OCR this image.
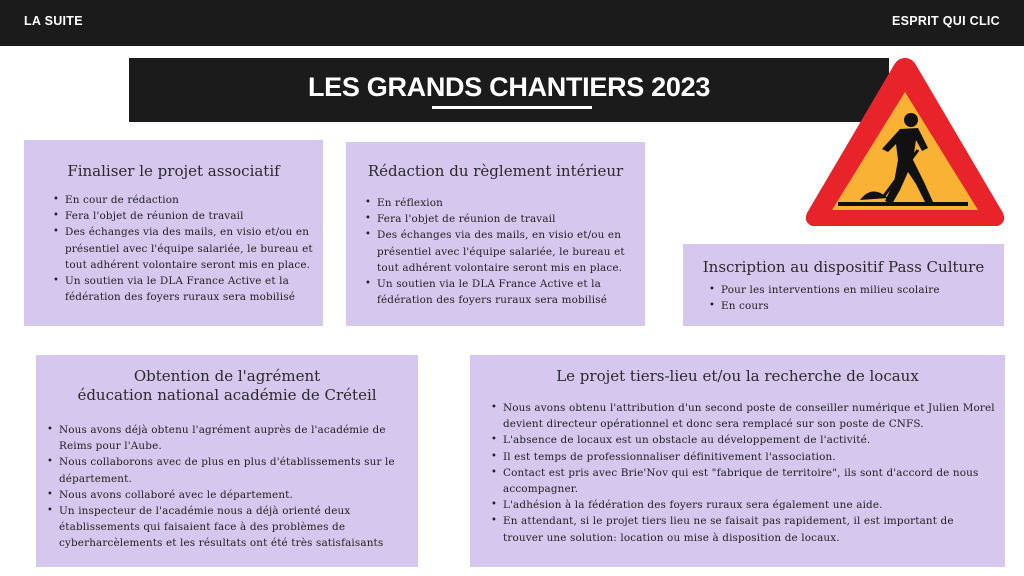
LA SUITE	ESPRIT QUI CLIC
LES GRANDS CHANTIERS 2023
Finaliser le projet associatif
• En cour de rédaction
• Fera l'objet de réunion de travail
• Des échanges via des mails, en visio et/ou en présentiel avec l'équipe salariée, le bureau et tout adhérent volontaire seront mis en place.
• Un soutien via le DLA France Active et la fédération des foyers ruraux sera mobilisé
Rédaction du règlement intérieur
• En réflexion
• Fera l'objet de réunion de travail
• Des échanges via des mails, en visio et/ou en présentiel avec l'équipe salariée, le bureau et tout adhérent volontaire seront mis en place.
• Un soutien via le DLA France Active et la fédération des foyers ruraux sera mobilisé
Inscription au dispositif Pass Culture
• Pour les interventions en milieu scolaire
• En cours
Obtention de l'agrément
éducation national académie de Créteil
• Nous avons déjà obtenu l'agrément auprès de l'académie de Reims pour l'Aube.
• Nous collaborons avec de plus en plus d'établissements sur le département.
• Nous avons collaboré avec le département.
• Un inspecteur de l'académie nous a déjà orienté deux établissements qui faisaient face à des problèmes de cyberharcèlements et les résultats ont été très satisfaisants
Le projet tiers-lieu et/ou la recherche de locaux
• Nous avons obtenu l'attribution d'un second poste de conseiller numérique et Julien Morel devient directeur opérationnel et donc sera remplacé sur son poste de CNFS.
• L'absence de locaux est un obstacle au développement de l'activité.
• Il est temps de professionnaliser définitivement l'association.
• Contact est pris avec Brie'Nov qui est "fabrique de territoire", ils sont d'accord de nous accompagner.
• L'adhésion à la fédération des foyers ruraux sera également une aide.
• En attendant, si le projet tiers lieu ne se faisait pas rapidement, il est important de trouver une solution: location ou mise à disposition de locaux.
